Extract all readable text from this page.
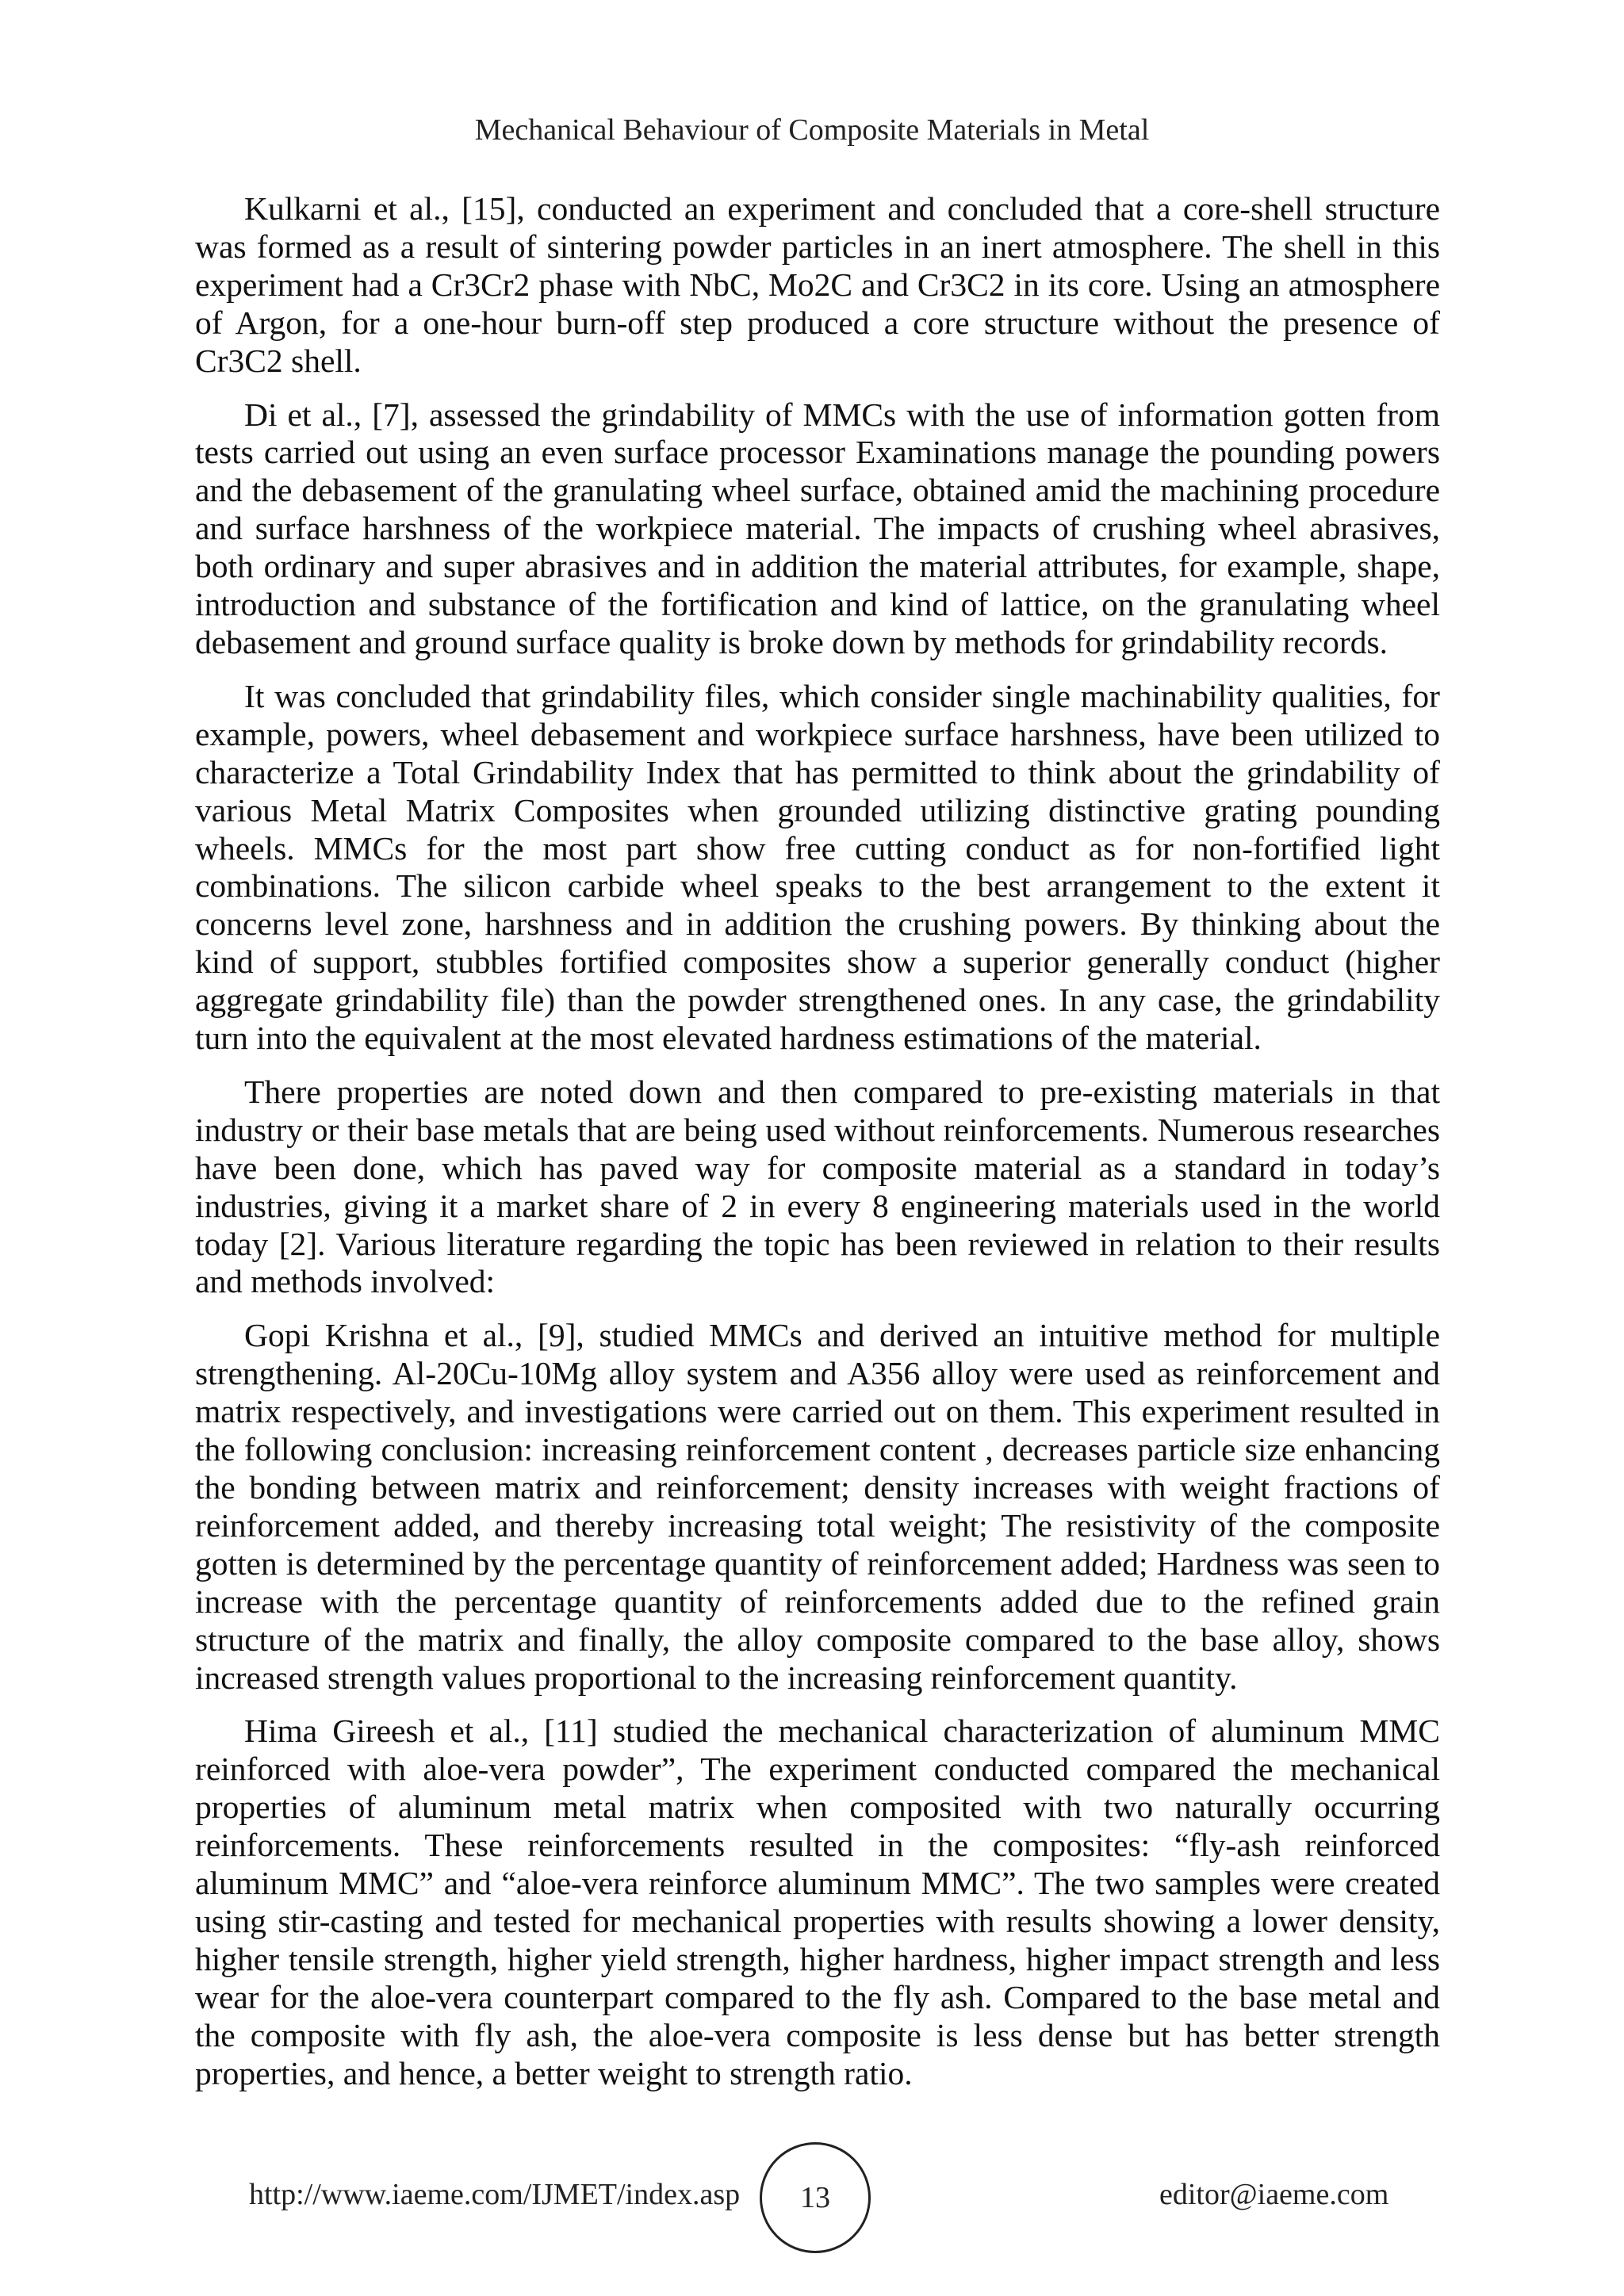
Mechanical Behaviour of Composite Materials in Metal

Kulkarni et al., [15], conducted an experiment and concluded that a core-shell structure was formed as a result of sintering powder particles in an inert atmosphere. The shell in this experiment had a Cr3Cr2 phase with NbC, Mo2C and Cr3C2 in its core. Using an atmosphere of Argon, for a one-hour burn-off step produced a core structure without the presence of Cr3C2 shell.

Di et al., [7], assessed the grindability of MMCs with the use of information gotten from tests carried out using an even surface processor Examinations manage the pounding powers and the debasement of the granulating wheel surface, obtained amid the machining procedure and surface harshness of the workpiece material. The impacts of crushing wheel abrasives, both ordinary and super abrasives and in addition the material attributes, for example, shape, introduction and substance of the fortification and kind of lattice, on the granulating wheel debasement and ground surface quality is broke down by methods for grindability records.

It was concluded that grindability files, which consider single machinability qualities, for example, powers, wheel debasement and workpiece surface harshness, have been utilized to characterize a Total Grindability Index that has permitted to think about the grindability of various Metal Matrix Composites when grounded utilizing distinctive grating pounding wheels. MMCs for the most part show free cutting conduct as for non-fortified light combinations. The silicon carbide wheel speaks to the best arrangement to the extent it concerns level zone, harshness and in addition the crushing powers. By thinking about the kind of support, stubbles fortified composites show a superior generally conduct (higher aggregate grindability file) than the powder strengthened ones. In any case, the grindability turn into the equivalent at the most elevated hardness estimations of the material.

There properties are noted down and then compared to pre-existing materials in that industry or their base metals that are being used without reinforcements. Numerous researches have been done, which has paved way for composite material as a standard in today’s industries, giving it a market share of 2 in every 8 engineering materials used in the world today [2]. Various literature regarding the topic has been reviewed in relation to their results and methods involved:

Gopi Krishna et al., [9], studied MMCs and derived an intuitive method for multiple strengthening. Al-20Cu-10Mg alloy system and A356 alloy were used as reinforcement and matrix respectively, and investigations were carried out on them. This experiment resulted in the following conclusion: increasing reinforcement content , decreases particle size enhancing the bonding between matrix and reinforcement; density increases with weight fractions of reinforcement added, and thereby increasing total weight; The resistivity of the composite gotten is determined by the percentage quantity of reinforcement added; Hardness was seen to increase with the percentage quantity of reinforcements added due to the refined grain structure of the matrix and finally, the alloy composite compared to the base alloy, shows increased strength values proportional to the increasing reinforcement quantity.

Hima Gireesh et al., [11] studied the mechanical characterization of aluminum MMC reinforced with aloe-vera powder”, The experiment conducted compared the mechanical properties of aluminum metal matrix when composited with two naturally occurring reinforcements. These reinforcements resulted in the composites: “fly-ash reinforced aluminum MMC” and “aloe-vera reinforce aluminum MMC”. The two samples were created using stir-casting and tested for mechanical properties with results showing a lower density, higher tensile strength, higher yield strength, higher hardness, higher impact strength and less wear for the aloe-vera counterpart compared to the fly ash. Compared to the base metal and the composite with fly ash, the aloe-vera composite is less dense but has better strength properties, and hence, a better weight to strength ratio.

http://www.iaeme.com/IJMET/index.asp 13	editor@iaeme.com
